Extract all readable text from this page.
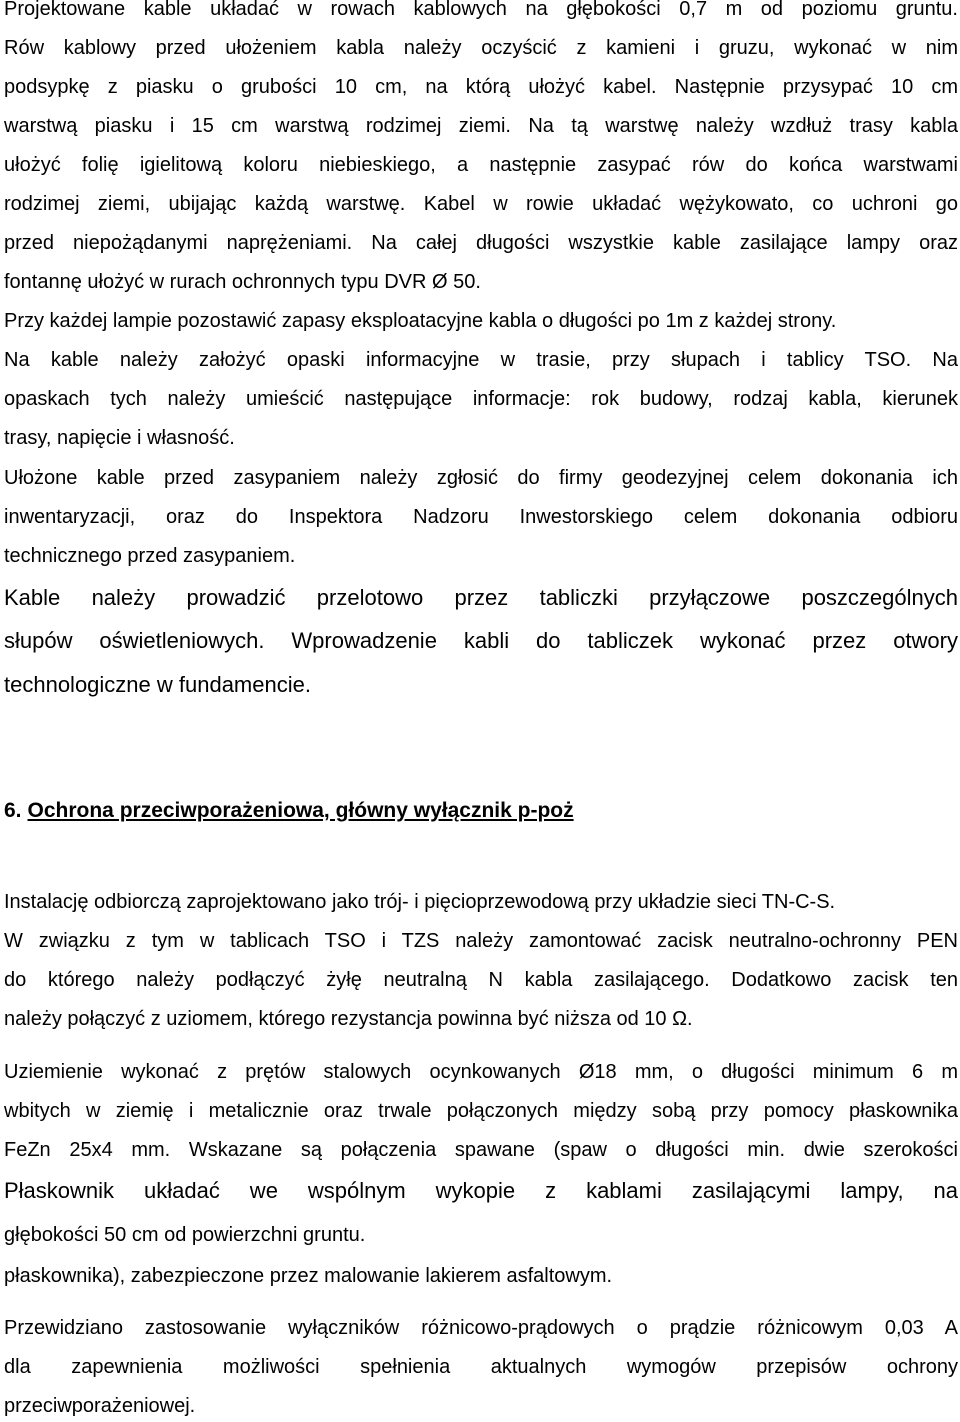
Projektowane kable układać w rowach kablowych na głębokości 0,7 m od poziomu gruntu.
Rów kablowy przed ułożeniem kabla należy oczyścić z kamieni i gruzu, wykonać w nim
podsypkę z piasku o grubości 10 cm, na którą ułożyć kabel. Następnie przysypać 10 cm
warstwą piasku i 15 cm warstwą rodzimej ziemi. Na tą warstwę należy wzdłuż trasy kabla
ułożyć folię igielitową koloru niebieskiego, a następnie zasypać rów do końca warstwami
rodzimej ziemi, ubijając każdą warstwę. Kabel w rowie układać wężykowato, co uchroni go
przed niepożądanymi naprężeniami. Na całej długości wszystkie kable zasilające lampy oraz
fontannę ułożyć w rurach ochronnych typu DVR Ø 50.
Przy każdej lampie pozostawić zapasy eksploatacyjne kabla o długości po 1m z każdej strony.
Na kable należy założyć opaski informacyjne w trasie, przy słupach i tablicy TSO. Na
opaskach tych należy umieścić następujące informacje: rok budowy, rodzaj kabla, kierunek
trasy, napięcie i własność.
Ułożone kable przed zasypaniem należy zgłosić do firmy geodezyjnej celem dokonania ich
inwentaryzacji, oraz do Inspektora Nadzoru Inwestorskiego celem dokonania odbioru
technicznego przed zasypaniem.
Kable należy prowadzić przelotowo przez tabliczki przyłączowe poszczególnych
słupów oświetleniowych. Wprowadzenie kabli do tabliczek wykonać przez otwory
technologiczne w fundamencie.
6. Ochrona przeciwporażeniowa, główny wyłącznik p-poż
Instalację odbiorczą zaprojektowano jako trój- i pięcioprzewodową przy układzie sieci TN-C-S.
W związku z tym w tablicach TSO i TZS należy zamontować zacisk neutralno-ochronny PEN
do którego należy podłączyć żyłę neutralną N kabla zasilającego. Dodatkowo zacisk ten
należy połączyć z uziomem, którego rezystancja powinna być niższa od 10 Ω.
Uziemienie wykonać z prętów stalowych ocynkowanych Ø18 mm, o długości minimum 6 m
wbitych w ziemię i metalicznie oraz trwale połączonych między sobą przy pomocy płaskownika
FeZn 25x4 mm. Wskazane są połączenia spawane (spaw o długości min. dwie szerokości
Płaskownik układać we wspólnym wykopie z kablami zasilającymi lampy, na
głębokości 50 cm od powierzchni gruntu.
płaskownika), zabezpieczone przez malowanie lakierem asfaltowym.
Przewidziano zastosowanie wyłączników różnicowo-prądowych o prądzie różnicowym 0,03 A
dla zapewnienia możliwości spełnienia aktualnych wymogów przepisów ochrony
przeciwporażeniowej.
